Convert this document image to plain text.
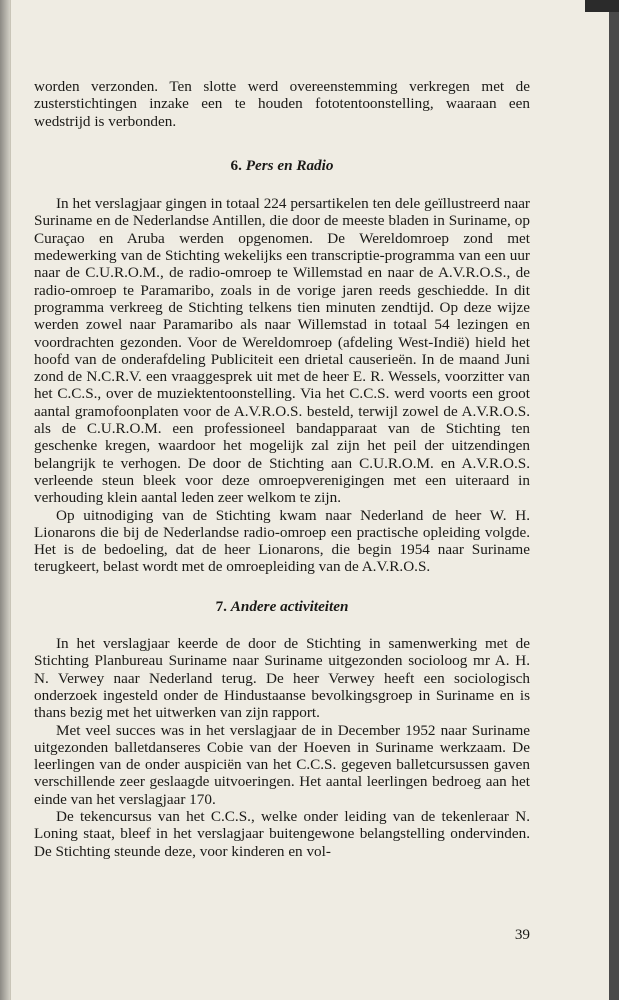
worden verzonden. Ten slotte werd overeenstemming verkregen met de zusterstichtingen inzake een te houden fototentoonstelling, waaraan een wedstrijd is verbonden.

6. Pers en Radio

In het verslagjaar gingen in totaal 224 persartikelen ten dele geïllustreerd naar Suriname en de Nederlandse Antillen, die door de meeste bladen in Suriname, op Curaçao en Aruba werden opgenomen. De Wereldomroep zond met medewerking van de Stichting wekelijks een transcriptie-programma van een uur naar de C.U.R.O.M., de radio-omroep te Willemstad en naar de A.V.R.O.S., de radio-omroep te Paramaribo, zoals in de vorige jaren reeds geschiedde. In dit programma verkreeg de Stichting telkens tien minuten zendtijd. Op deze wijze werden zowel naar Paramaribo als naar Willemstad in totaal 54 lezingen en voordrachten gezonden. Voor de Wereldomroep (afdeling West-Indië) hield het hoofd van de onderafdeling Publiciteit een drietal causerieën. In de maand Juni zond de N.C.R.V. een vraaggesprek uit met de heer E. R. Wessels, voorzitter van het C.C.S., over de muziektentoonstelling. Via het C.C.S. werd voorts een groot aantal gramofoonplaten voor de A.V.R.O.S. besteld, terwijl zowel de A.V.R.O.S. als de C.U.R.O.M. een professioneel bandapparaat van de Stichting ten geschenke kregen, waardoor het mogelijk zal zijn het peil der uitzendingen belangrijk te verhogen. De door de Stichting aan C.U.R.O.M. en A.V.R.O.S. verleende steun bleek voor deze omroepverenigingen met een uiteraard in verhouding klein aantal leden zeer welkom te zijn.

Op uitnodiging van de Stichting kwam naar Nederland de heer W. H. Lionarons die bij de Nederlandse radio-omroep een practische opleiding volgde. Het is de bedoeling, dat de heer Lionarons, die begin 1954 naar Suriname terugkeert, belast wordt met de omroepleiding van de A.V.R.O.S.

7. Andere activiteiten

In het verslagjaar keerde de door de Stichting in samenwerking met de Stichting Planbureau Suriname naar Suriname uitgezonden socioloog mr A. H. N. Verwey naar Nederland terug. De heer Verwey heeft een sociologisch onderzoek ingesteld onder de Hindustaanse bevolkingsgroep in Suriname en is thans bezig met het uitwerken van zijn rapport.

Met veel succes was in het verslagjaar de in December 1952 naar Suriname uitgezonden balletdanseres Cobie van der Hoeven in Suriname werkzaam. De leerlingen van de onder auspiciën van het C.C.S. gegeven balletcursussen gaven verschillende zeer geslaagde uitvoeringen. Het aantal leerlingen bedroeg aan het einde van het verslagjaar 170.

De tekencursus van het C.C.S., welke onder leiding van de tekenleraar N. Loning staat, bleef in het verslagjaar buitengewone belangstelling ondervinden. De Stichting steunde deze, voor kinderen en vol-

39
